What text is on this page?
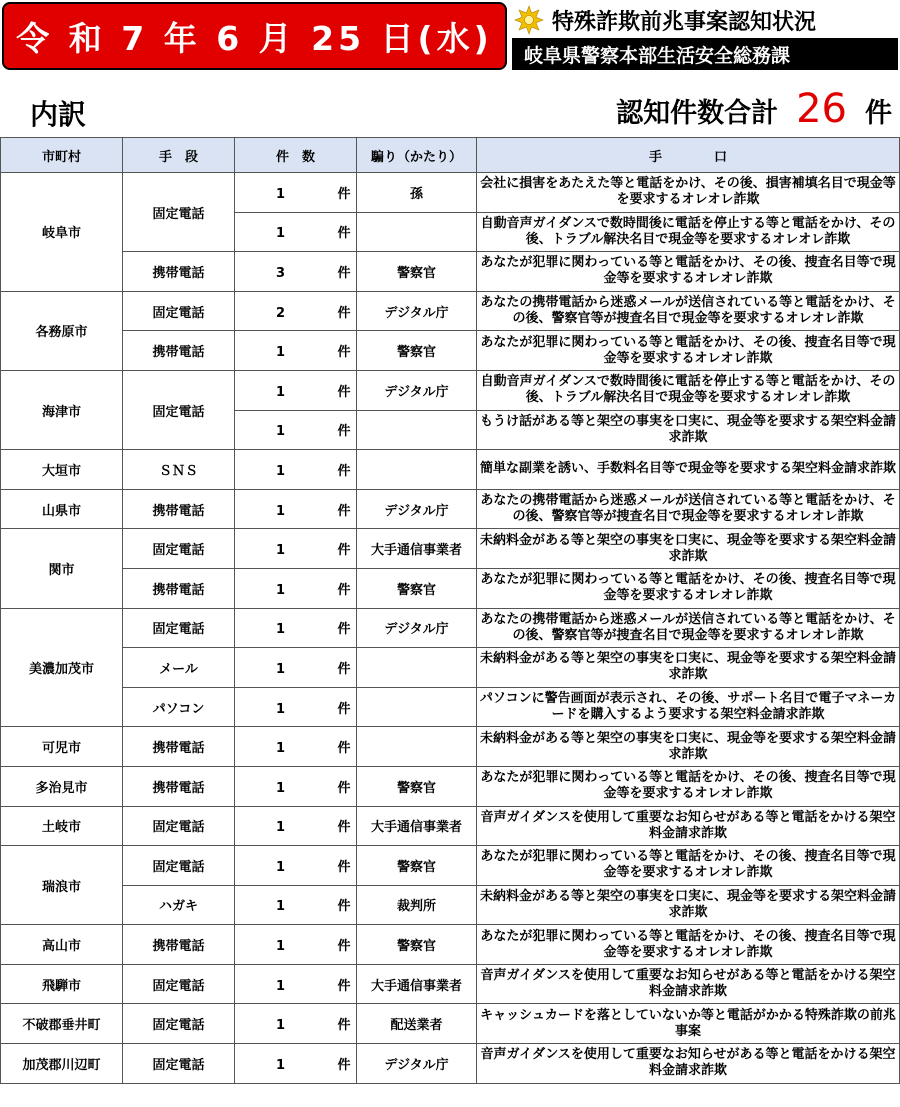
令 和 7 年 6 月 25 日(水)	特殊詐欺前兆事案認知状況
岐阜県警察本部生活安全総務課
内訳	認知件数合計 26 件
市町村	手　段	件　数	騙り（かたり）	手　　　　口
岐阜市	固定電話	1 件	孫	会社に損害をあたえた等と電話をかけ、その後、損害補填名目で現金等を要求するオレオレ詐欺
		1 件		自動音声ガイダンスで数時間後に電話を停止する等と電話をかけ、その後、トラブル解決名目で現金等を要求するオレオレ詐欺
	携帯電話	3 件	警察官	あなたが犯罪に関わっている等と電話をかけ、その後、捜査名目等で現金等を要求するオレオレ詐欺
各務原市	固定電話	2 件	デジタル庁	あなたの携帯電話から迷惑メールが送信されている等と電話をかけ、その後、警察官等が捜査名目で現金等を要求するオレオレ詐欺
	携帯電話	1 件	警察官	あなたが犯罪に関わっている等と電話をかけ、その後、捜査名目等で現金等を要求するオレオレ詐欺
海津市	固定電話	1 件	デジタル庁	自動音声ガイダンスで数時間後に電話を停止する等と電話をかけ、その後、トラブル解決名目で現金等を要求するオレオレ詐欺
		1 件		もうけ話がある等と架空の事実を口実に、現金等を要求する架空料金請求詐欺
大垣市	ＳＮＳ	1 件		簡単な副業を誘い、手数料名目等で現金等を要求する架空料金請求詐欺
山県市	携帯電話	1 件	デジタル庁	あなたの携帯電話から迷惑メールが送信されている等と電話をかけ、その後、警察官等が捜査名目で現金等を要求するオレオレ詐欺
関市	固定電話	1 件	大手通信事業者	未納料金がある等と架空の事実を口実に、現金等を要求する架空料金請求詐欺
	携帯電話	1 件	警察官	あなたが犯罪に関わっている等と電話をかけ、その後、捜査名目等で現金等を要求するオレオレ詐欺
美濃加茂市	固定電話	1 件	デジタル庁	あなたの携帯電話から迷惑メールが送信されている等と電話をかけ、その後、警察官等が捜査名目で現金等を要求するオレオレ詐欺
	メール	1 件		未納料金がある等と架空の事実を口実に、現金等を要求する架空料金請求詐欺
	パソコン	1 件		パソコンに警告画面が表示され、その後、サポート名目で電子マネーカードを購入するよう要求する架空料金請求詐欺
可児市	携帯電話	1 件		未納料金がある等と架空の事実を口実に、現金等を要求する架空料金請求詐欺
多治見市	携帯電話	1 件	警察官	あなたが犯罪に関わっている等と電話をかけ、その後、捜査名目等で現金等を要求するオレオレ詐欺
土岐市	固定電話	1 件	大手通信事業者	音声ガイダンスを使用して重要なお知らせがある等と電話をかける架空料金請求詐欺
瑞浪市	固定電話	1 件	警察官	あなたが犯罪に関わっている等と電話をかけ、その後、捜査名目等で現金等を要求するオレオレ詐欺
	ハガキ	1 件	裁判所	未納料金がある等と架空の事実を口実に、現金等を要求する架空料金請求詐欺
高山市	携帯電話	1 件	警察官	あなたが犯罪に関わっている等と電話をかけ、その後、捜査名目等で現金等を要求するオレオレ詐欺
飛騨市	固定電話	1 件	大手通信事業者	音声ガイダンスを使用して重要なお知らせがある等と電話をかける架空料金請求詐欺
不破郡垂井町	固定電話	1 件	配送業者	キャッシュカードを落としていないか等と電話がかかる特殊詐欺の前兆事案
加茂郡川辺町	固定電話	1 件	デジタル庁	音声ガイダンスを使用して重要なお知らせがある等と電話をかける架空料金請求詐欺
